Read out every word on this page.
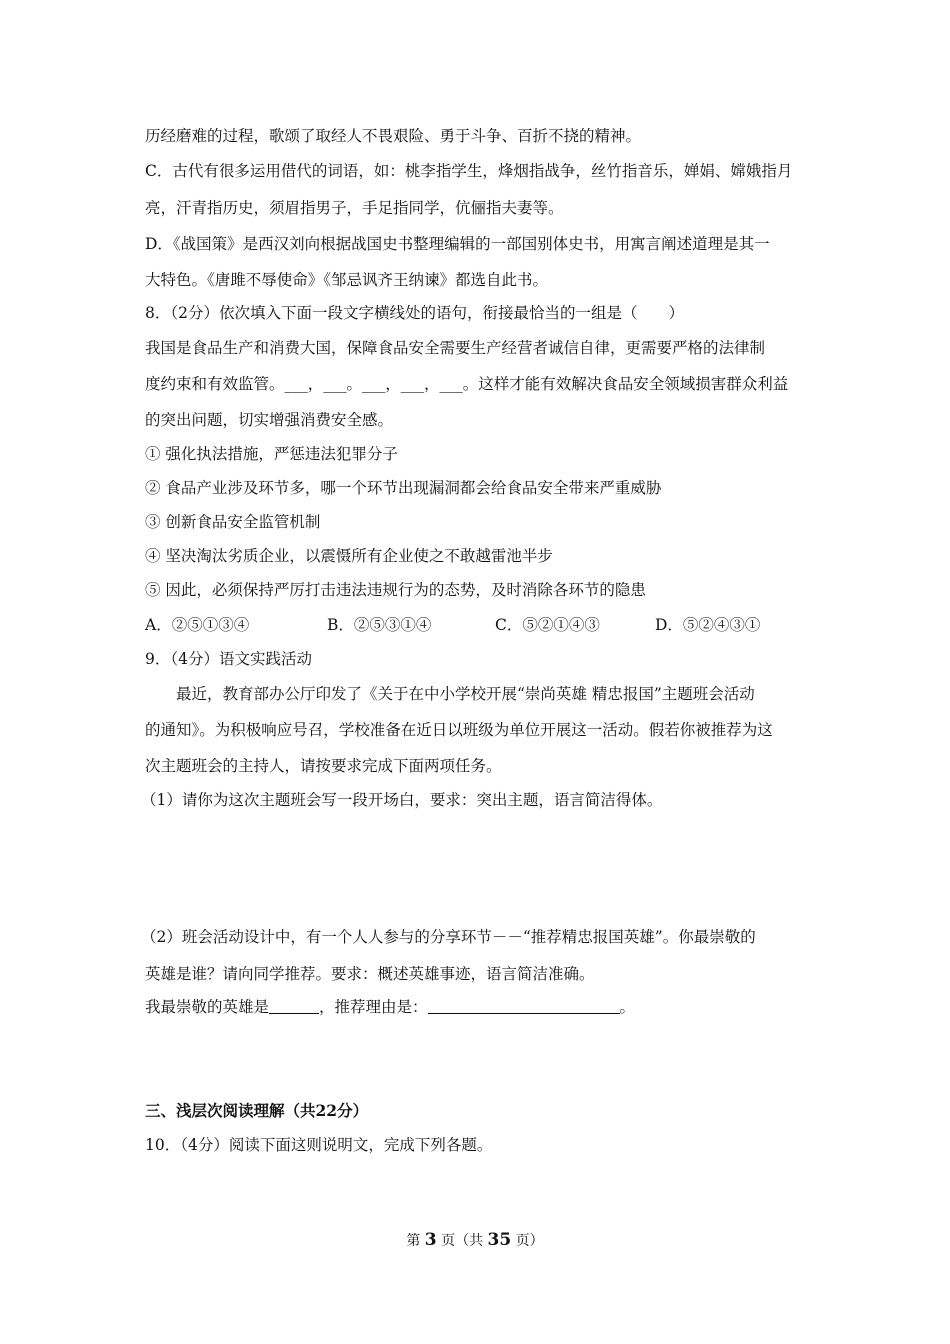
历经磨难的过程，歌颂了取经人不畏艰险、勇于斗争、百折不挠的精神。
C．古代有很多运用借代的词语，如：桃李指学生，烽烟指战争，丝竹指音乐，婵娟、嫦娥指月
亮，汗青指历史，须眉指男子，手足指同学，伉俪指夫妻等。
D．《战国策》是西汉刘向根据战国史书整理编辑的一部国别体史书，用寓言阐述道理是其一
大特色。《唐雎不辱使命》《邹忌讽齐王纳谏》都选自此书。
8．（2分）依次填入下面一段文字横线处的语句，衔接最恰当的一组是（　　）
我国是食品生产和消费大国，保障食品安全需要生产经营者诚信自律，更需要严格的法律制
度约束和有效监管。___，___。___，___，___。这样才能有效解决食品安全领域损害群众利益
的突出问题，切实增强消费安全感。
① 强化执法措施，严惩违法犯罪分子
② 食品产业涉及环节多，哪一个环节出现漏洞都会给食品安全带来严重威胁
③ 创新食品安全监管机制
④ 坚决淘汰劣质企业，以震慑所有企业使之不敢越雷池半步
⑤ 因此，必须保持严厉打击违法违规行为的态势，及时消除各环节的隐患
A．②⑤①③④	B．②⑤③①④	C．⑤②①④③	D．⑤②④③①
9．（4分）语文实践活动
最近，教育部办公厅印发了《关于在中小学校开展“崇尚英雄 精忠报国”主题班会活动
的通知》。为积极响应号召，学校准备在近日以班级为单位开展这一活动。假若你被推荐为这
次主题班会的主持人，请按要求完成下面两项任务。
（1）请你为这次主题班会写一段开场白，要求：突出主题，语言简洁得体。
（2）班会活动设计中，有一个人人参与的分享环节－－“推荐精忠报国英雄”。你最崇敬的
英雄是谁？请向同学推荐。要求：概述英雄事迹，语言简洁准确。
我最崇敬的英雄是	，推荐理由是：	。
三、浅层次阅读理解（共22分）
10．（4分）阅读下面这则说明文，完成下列各题。
第 3 页（共 35 页）
